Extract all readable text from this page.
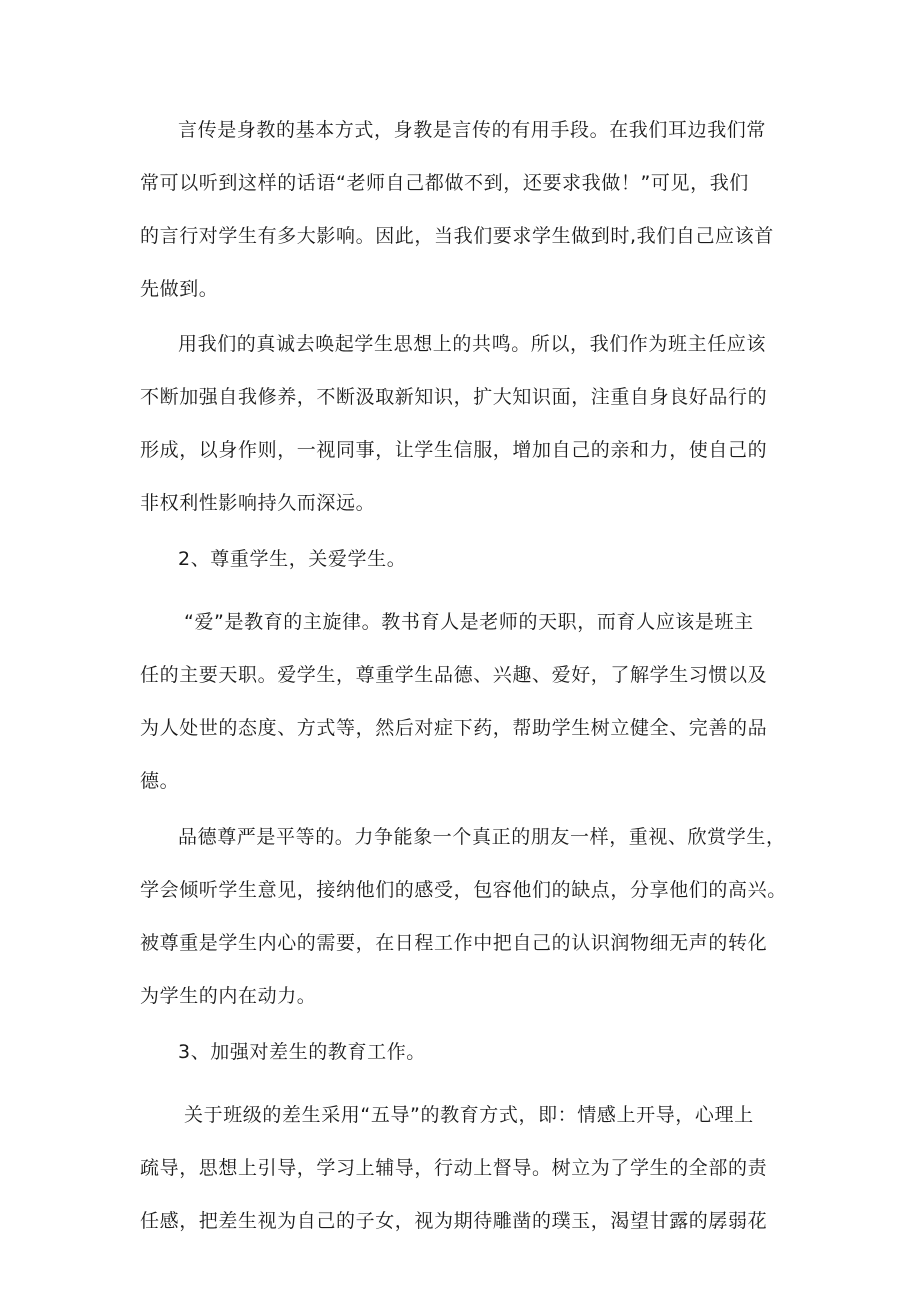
言传是身教的基本方式，身教是言传的有用手段。在我们耳边我们常
常可以听到这样的话语“老师自己都做不到，还要求我做！”可见，我们
的言行对学生有多大影响。因此，当我们要求学生做到时,我们自己应该首
先做到。
用我们的真诚去唤起学生思想上的共鸣。所以，我们作为班主任应该
不断加强自我修养，不断汲取新知识，扩大知识面，注重自身良好品行的
形成，以身作则，一视同事，让学生信服，增加自己的亲和力，使自己的
非权利性影响持久而深远。
2、尊重学生，关爱学生。
“爱”是教育的主旋律。教书育人是老师的天职，而育人应该是班主
任的主要天职。爱学生，尊重学生品德、兴趣、爱好，了解学生习惯以及
为人处世的态度、方式等，然后对症下药，帮助学生树立健全、完善的品
德。
品德尊严是平等的。力争能象一个真正的朋友一样，重视、欣赏学生，
学会倾听学生意见，接纳他们的感受，包容他们的缺点，分享他们的高兴。
被尊重是学生内心的需要，在日程工作中把自己的认识润物细无声的转化
为学生的内在动力。
3、加强对差生的教育工作。
关于班级的差生采用“五导”的教育方式，即：情感上开导，心理上
疏导，思想上引导，学习上辅导，行动上督导。树立为了学生的全部的责
任感，把差生视为自己的子女，视为期待雕凿的璞玉，渴望甘露的孱弱花
